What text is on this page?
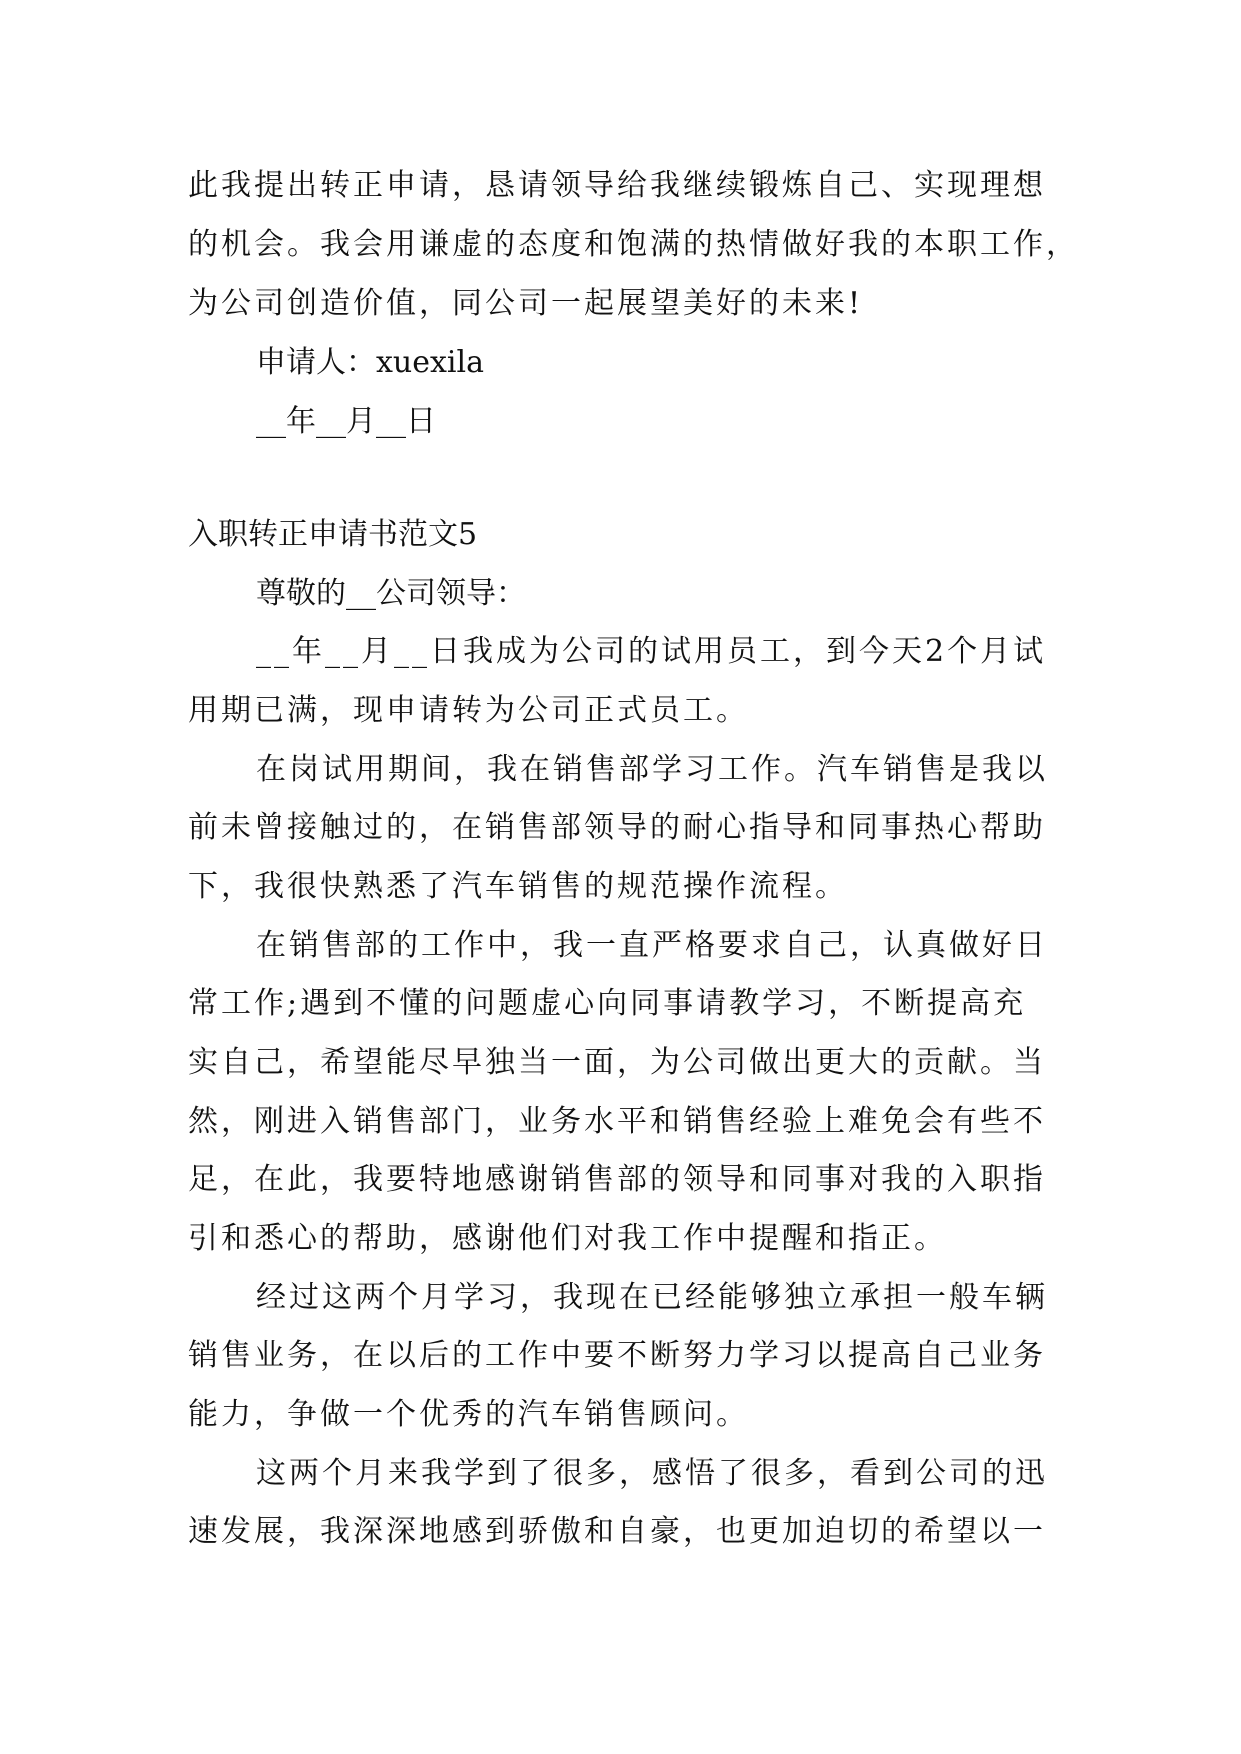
此我提出转正申请，恳请领导给我继续锻炼自己、实现理想
的机会。我会用谦虚的态度和饱满的热情做好我的本职工作，
为公司创造价值，同公司一起展望美好的未来!
申请人：xuexila
__年__月__日
入职转正申请书范文5
尊敬的__公司领导：
__年__月__日我成为公司的试用员工，到今天2个月试
用期已满，现申请转为公司正式员工。
在岗试用期间，我在销售部学习工作。汽车销售是我以
前未曾接触过的，在销售部领导的耐心指导和同事热心帮助
下，我很快熟悉了汽车销售的规范操作流程。
在销售部的工作中，我一直严格要求自己，认真做好日
常工作;遇到不懂的问题虚心向同事请教学习，不断提高充
实自己，希望能尽早独当一面，为公司做出更大的贡献。当
然，刚进入销售部门，业务水平和销售经验上难免会有些不
足，在此，我要特地感谢销售部的领导和同事对我的入职指
引和悉心的帮助，感谢他们对我工作中提醒和指正。
经过这两个月学习，我现在已经能够独立承担一般车辆
销售业务，在以后的工作中要不断努力学习以提高自己业务
能力，争做一个优秀的汽车销售顾问。
这两个月来我学到了很多，感悟了很多，看到公司的迅
速发展，我深深地感到骄傲和自豪，也更加迫切的希望以一
